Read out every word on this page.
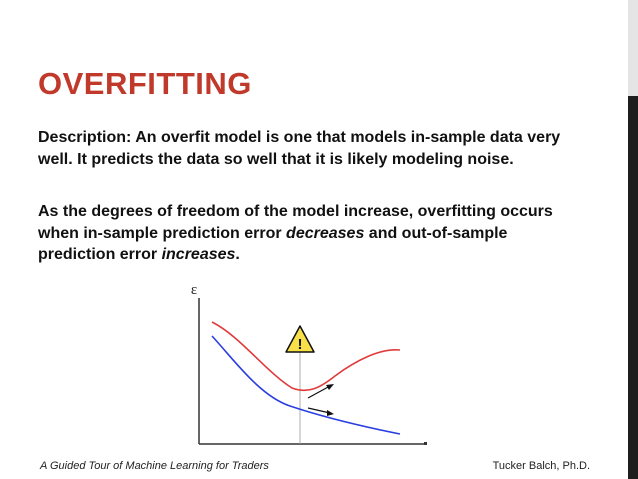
OVERFITTING

Description: An overfit model is one that models in-sample data very well. It predicts the data so well that it is likely modeling noise.

As the degrees of freedom of the model increase, overfitting occurs when in-sample prediction error decreases and out-of-sample prediction error increases.

ε
!
A Guided Tour of Machine Learning for Traders	Tucker Balch, Ph.D.
